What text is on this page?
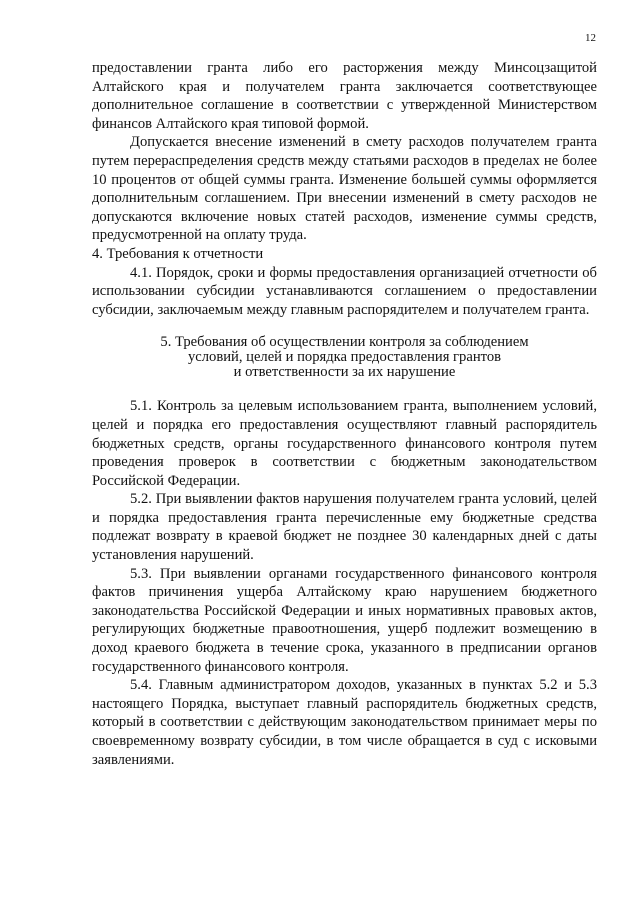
12

предоставлении гранта либо его расторжения между Минсоцзащитой Алтайского края и получателем гранта заключается соответствующее дополнительное соглашение в соответствии с утвержденной Министерством финансов Алтайского края типовой формой.

Допускается внесение изменений в смету расходов получателем гранта путем перераспределения средств между статьями расходов в пределах не более 10 процентов от общей суммы гранта. Изменение большей суммы оформляется дополнительным соглашением. При внесении изменений в смету расходов не допускаются включение новых статей расходов, изменение суммы средств, предусмотренной на оплату труда.

4. Требования к отчетности

4.1. Порядок, сроки и формы предоставления организацией отчетности об использовании субсидии устанавливаются соглашением о предоставлении субсидии, заключаемым между главным распорядителем и получателем гранта.

5. Требования об осуществлении контроля за соблюдением
условий, целей и порядка предоставления грантов
и ответственности за их нарушение

5.1. Контроль за целевым использованием гранта, выполнением условий, целей и порядка его предоставления осуществляют главный распорядитель бюджетных средств, органы государственного финансового контроля путем проведения проверок в соответствии с бюджетным законодательством Российской Федерации.

5.2. При выявлении фактов нарушения получателем гранта условий, целей и порядка предоставления гранта перечисленные ему бюджетные средства подлежат возврату в краевой бюджет не позднее 30 календарных дней с даты установления нарушений.

5.3. При выявлении органами государственного финансового контроля фактов причинения ущерба Алтайскому краю нарушением бюджетного законодательства Российской Федерации и иных нормативных правовых актов, регулирующих бюджетные правоотношения, ущерб подлежит возмещению в доход краевого бюджета в течение срока, указанного в предписании органов государственного финансового контроля.

5.4. Главным администратором доходов, указанных в пунктах 5.2 и 5.3 настоящего Порядка, выступает главный распорядитель бюджетных средств, который в соответствии с действующим законодательством принимает меры по своевременному возврату субсидии, в том числе обращается в суд с исковыми заявлениями.
